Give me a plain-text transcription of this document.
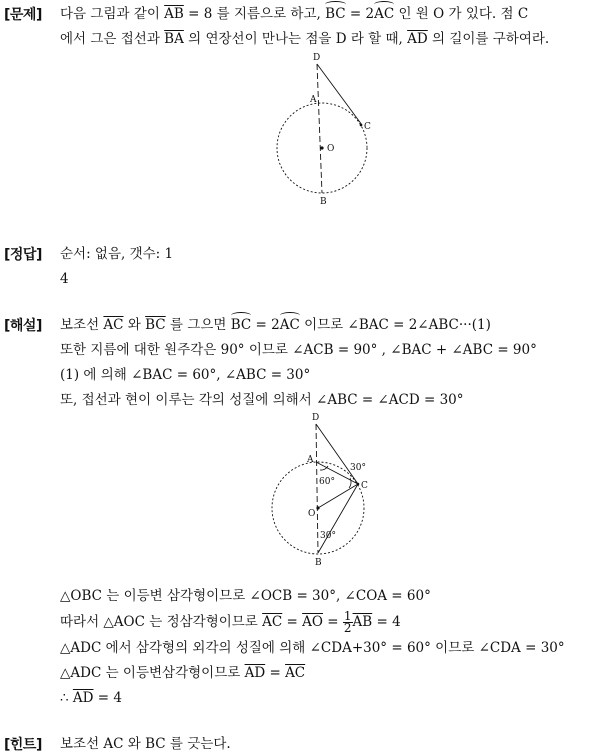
[문제] 다음 그림과 같이 $\overline{AB} = 8$ 를 지름으로 하고, BC = 2AC 인 원 O 가 있다. 점 C
에서 그은 접선과 $\overline{BA}$ 의 연장선이 만나는 점을 D 라 할 때, $\overline{AD}$ 의 길이를 구하여라.
D
A
C
O
B
[정답] 순서: 없음, 갯수: 1
4
[해설] 보조선 $\overline{AC}$ 와 $\overline{BC}$ 를 그으면 BC = 2AC 이므로 ∠BAC = 2∠ABC···(1)
또한 지름에 대한 원주각은 90° 이므로 ∠ACB = 90° , ∠BAC + ∠ABC = 90°
(1) 에 의해 ∠BAC = 60°, ∠ABC = 30°
또, 접선과 현이 이루는 각의 성질에 의해서 ∠ABC = ∠ACD = 30°
D
A
C
O
B
30°
60°
30°
△OBC 는 이등변 삼각형이므로 ∠OCB = 30°, ∠COA = 60°
따라서 △AOC 는 정삼각형이므로 $\overline{AC} = \overline{AO} = \frac{1}{2} \overline{AB} = 4$
△ADC 에서 삼각형의 외각의 성질에 의해 ∠CDA+30° = 60° 이므로 ∠CDA = 30°
△ADC 는 이등변삼각형이므로 $\overline{AD} = \overline{AC}$
∴ $\overline{AD} = 4$
[힌트] 보조선 AC 와 BC 를 긋는다.
